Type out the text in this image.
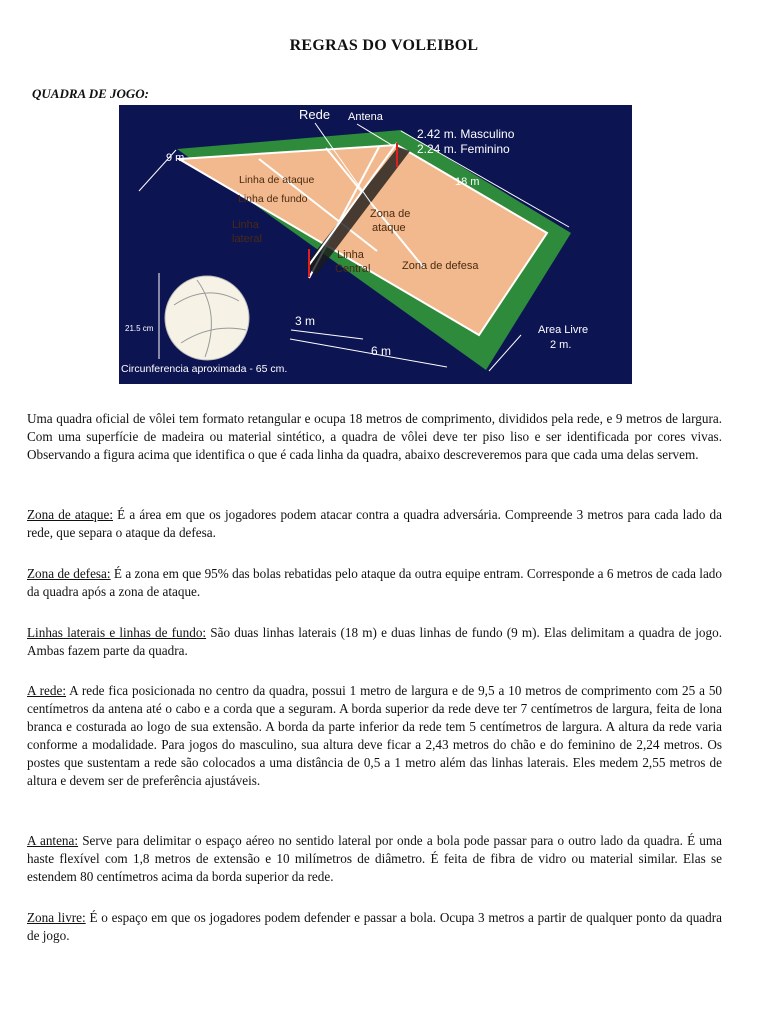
REGRAS DO VOLEIBOL
QUADRA DE JOGO:
Rede Antena
2.42 m. Masculino
2.24 m. Feminino
9 m
18 m
Linha de ataque
Linha de fundo
Linha
lateral
Zona de
ataque
Linha
Central	Zona de defesa
3 m
6 m
Area Livre
2 m.
21.5 cm
Circunferencia aproximada - 65 cm.

Uma quadra oficial de vôlei tem formato retangular e ocupa 18 metros de comprimento, divididos pela rede, e 9 metros de largura. Com uma superfície de madeira ou material sintético, a quadra de vôlei deve ter piso liso e ser identificada por cores vivas. Observando a figura acima que identifica o que é cada linha da quadra, abaixo descreveremos para que cada uma delas servem.

Zona de ataque: É a área em que os jogadores podem atacar contra a quadra adversária. Compreende 3 metros para cada lado da rede, que separa o ataque da defesa.

Zona de defesa: É a zona em que 95% das bolas rebatidas pelo ataque da outra equipe entram. Corresponde a 6 metros de cada lado da quadra após a zona de ataque.

Linhas laterais e linhas de fundo: São duas linhas laterais (18 m) e duas linhas de fundo (9 m). Elas delimitam a quadra de jogo. Ambas fazem parte da quadra.

A rede: A rede fica posicionada no centro da quadra, possui 1 metro de largura e de 9,5 a 10 metros de comprimento com 25 a 50 centímetros da antena até o cabo e a corda que a seguram. A borda superior da rede deve ter 7 centímetros de largura, feita de lona branca e costurada ao logo de sua extensão. A borda da parte inferior da rede tem 5 centímetros de largura. A altura da rede varia conforme a modalidade. Para jogos do masculino, sua altura deve ficar a 2,43 metros do chão e do feminino de 2,24 metros. Os postes que sustentam a rede são colocados a uma distância de 0,5 a 1 metro além das linhas laterais. Eles medem 2,55 metros de altura e devem ser de preferência ajustáveis.

A antena: Serve para delimitar o espaço aéreo no sentido lateral por onde a bola pode passar para o outro lado da quadra. É uma haste flexível com 1,8 metros de extensão e 10 milímetros de diâmetro. É feita de fibra de vidro ou material similar. Elas se estendem 80 centímetros acima da borda superior da rede.

Zona livre: É o espaço em que os jogadores podem defender e passar a bola. Ocupa 3 metros a partir de qualquer ponto da quadra de jogo.
